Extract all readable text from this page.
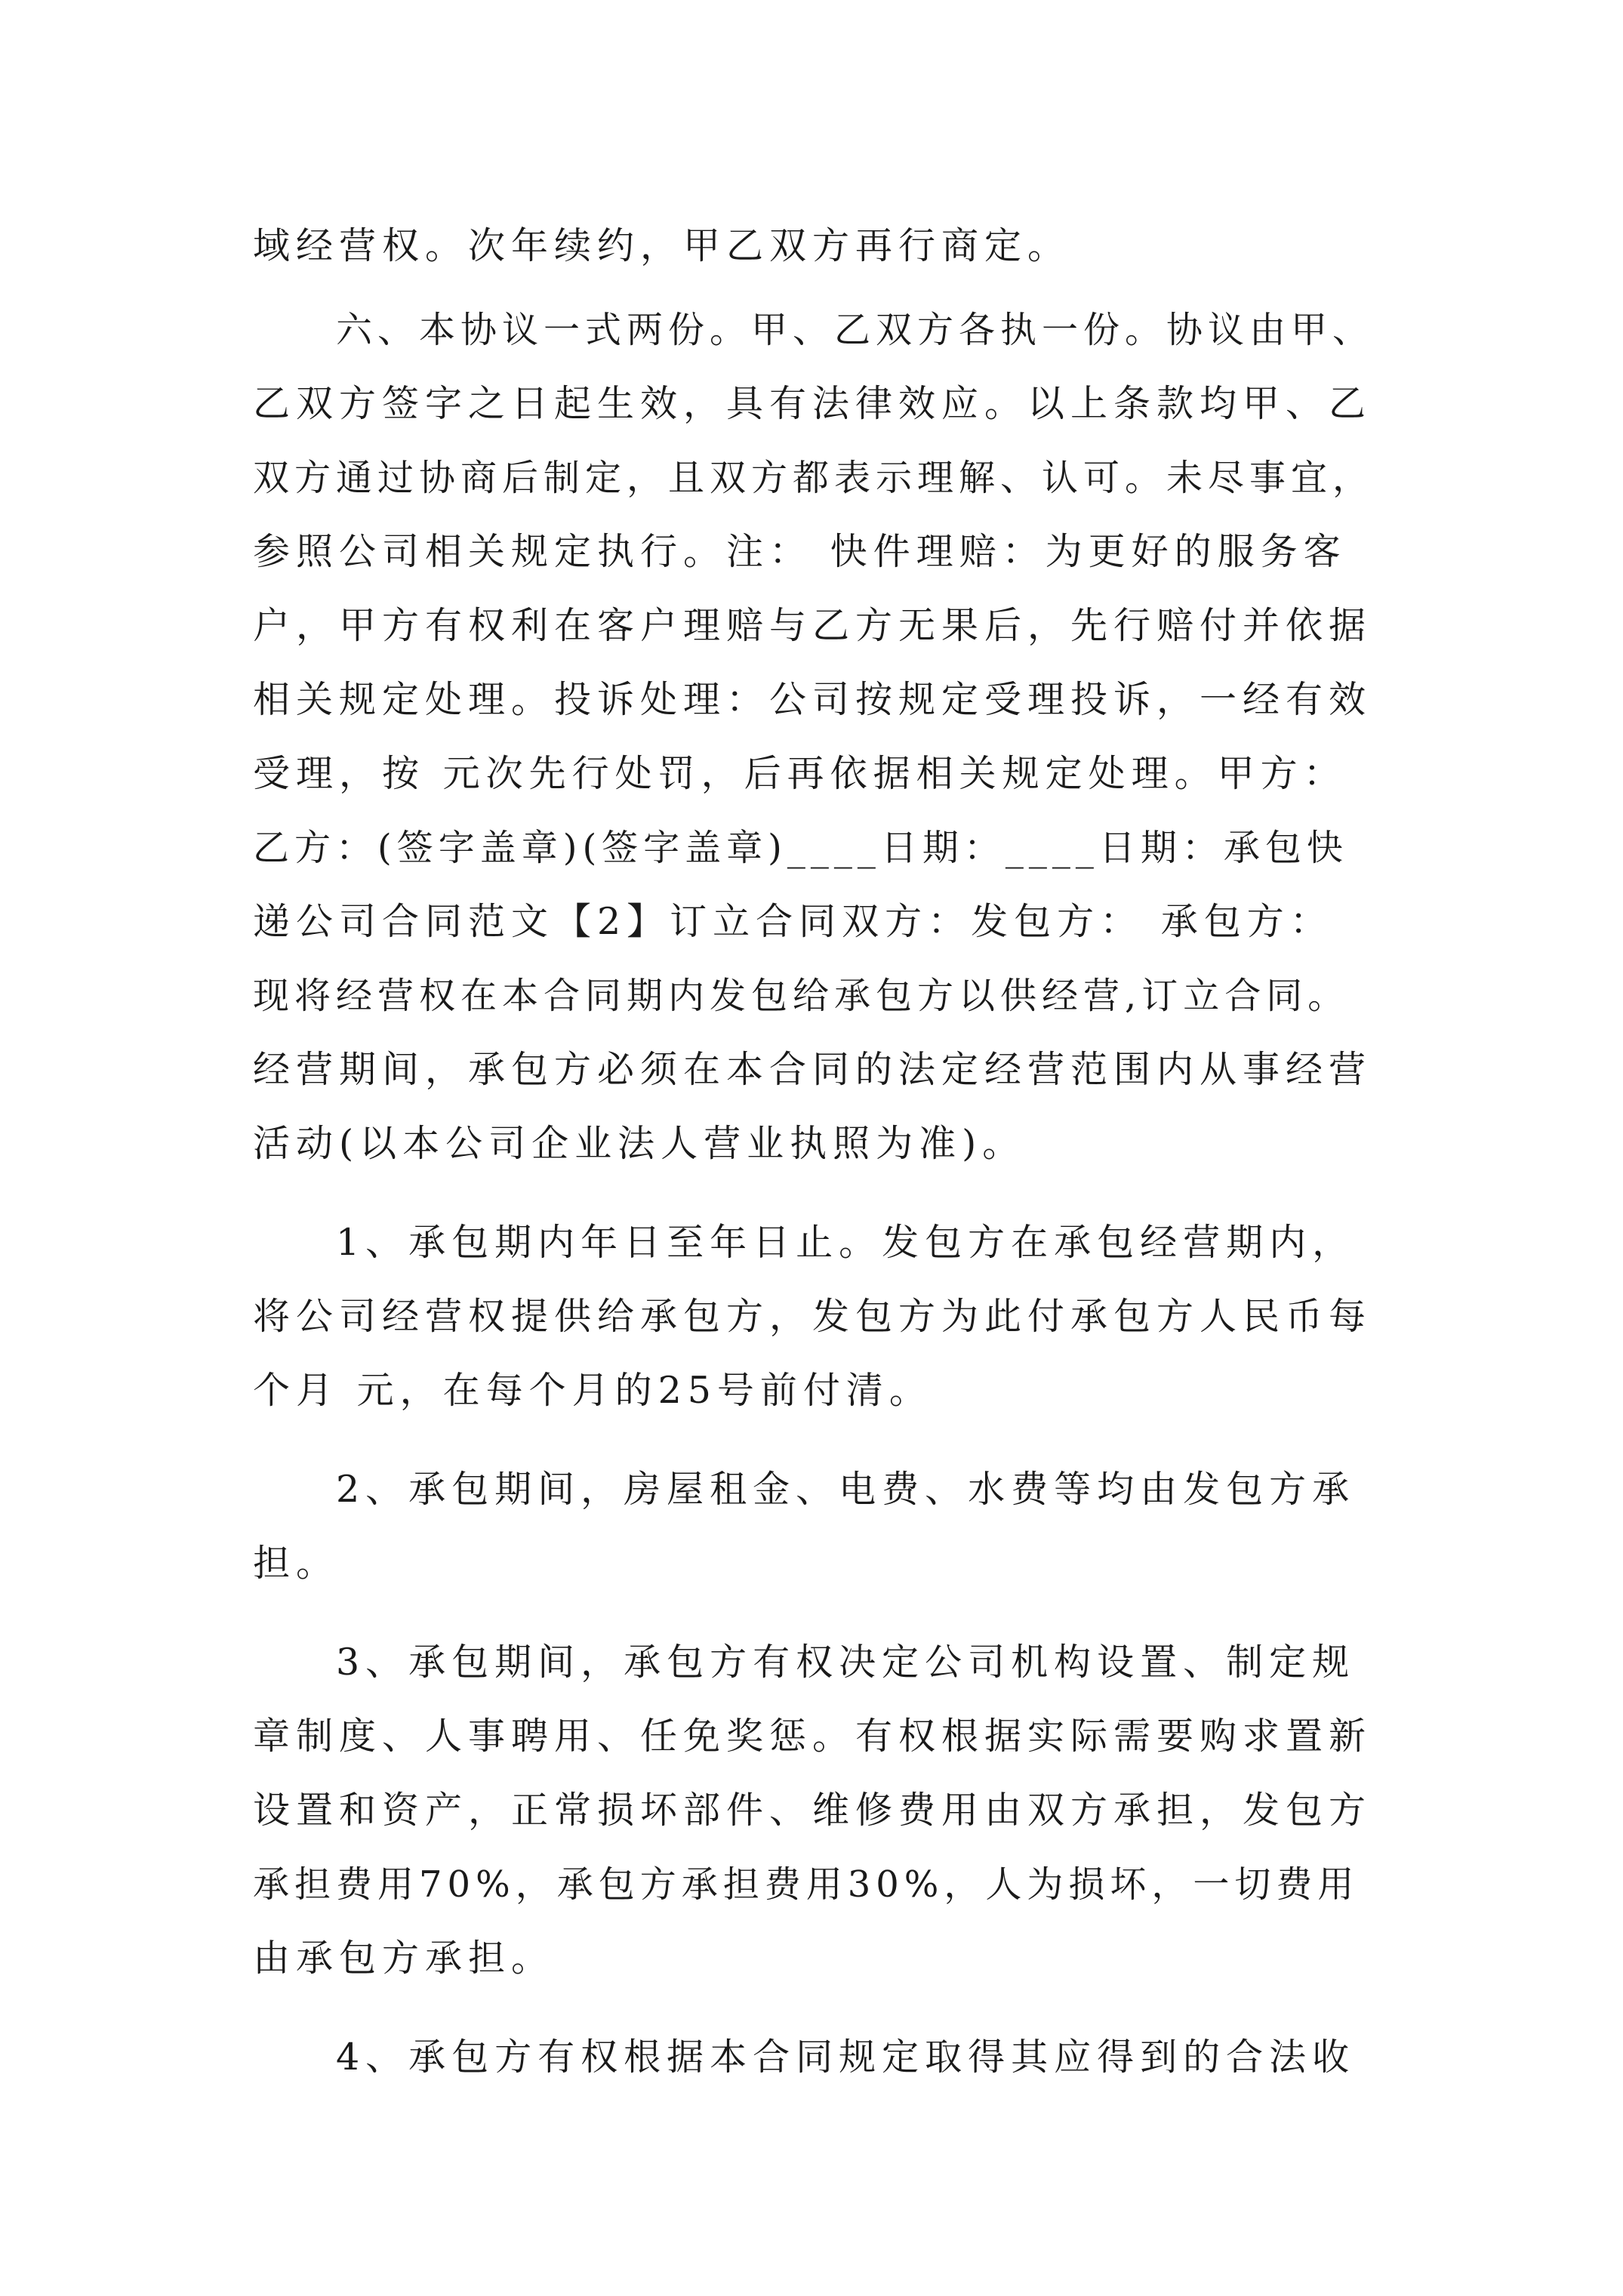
域经营权。次年续约，甲乙双方再行商定。
六、本协议一式两份。甲、乙双方各执一份。协议由甲、
乙双方签字之日起生效，具有法律效应。以上条款均甲、乙
双方通过协商后制定，且双方都表示理解、认可。未尽事宜，
参照公司相关规定执行。注： 快件理赔：为更好的服务客
户，甲方有权利在客户理赔与乙方无果后，先行赔付并依据
相关规定处理。投诉处理：公司按规定受理投诉，一经有效
受理，按 元次先行处罚，后再依据相关规定处理。甲方：
乙方：(签字盖章)(签字盖章)____日期：____日期：承包快
递公司合同范文【2】订立合同双方：发包方： 承包方：
现将经营权在本合同期内发包给承包方以供经营,订立合同。
经营期间，承包方必须在本合同的法定经营范围内从事经营
活动(以本公司企业法人营业执照为准)。
1、承包期内年日至年日止。发包方在承包经营期内，
将公司经营权提供给承包方，发包方为此付承包方人民币每
个月 元，在每个月的25号前付清。
2、承包期间，房屋租金、电费、水费等均由发包方承
担。
3、承包期间，承包方有权决定公司机构设置、制定规
章制度、人事聘用、任免奖惩。有权根据实际需要购求置新
设置和资产，正常损坏部件、维修费用由双方承担，发包方
承担费用70%，承包方承担费用30%，人为损坏，一切费用
由承包方承担。
4、承包方有权根据本合同规定取得其应得到的合法收
